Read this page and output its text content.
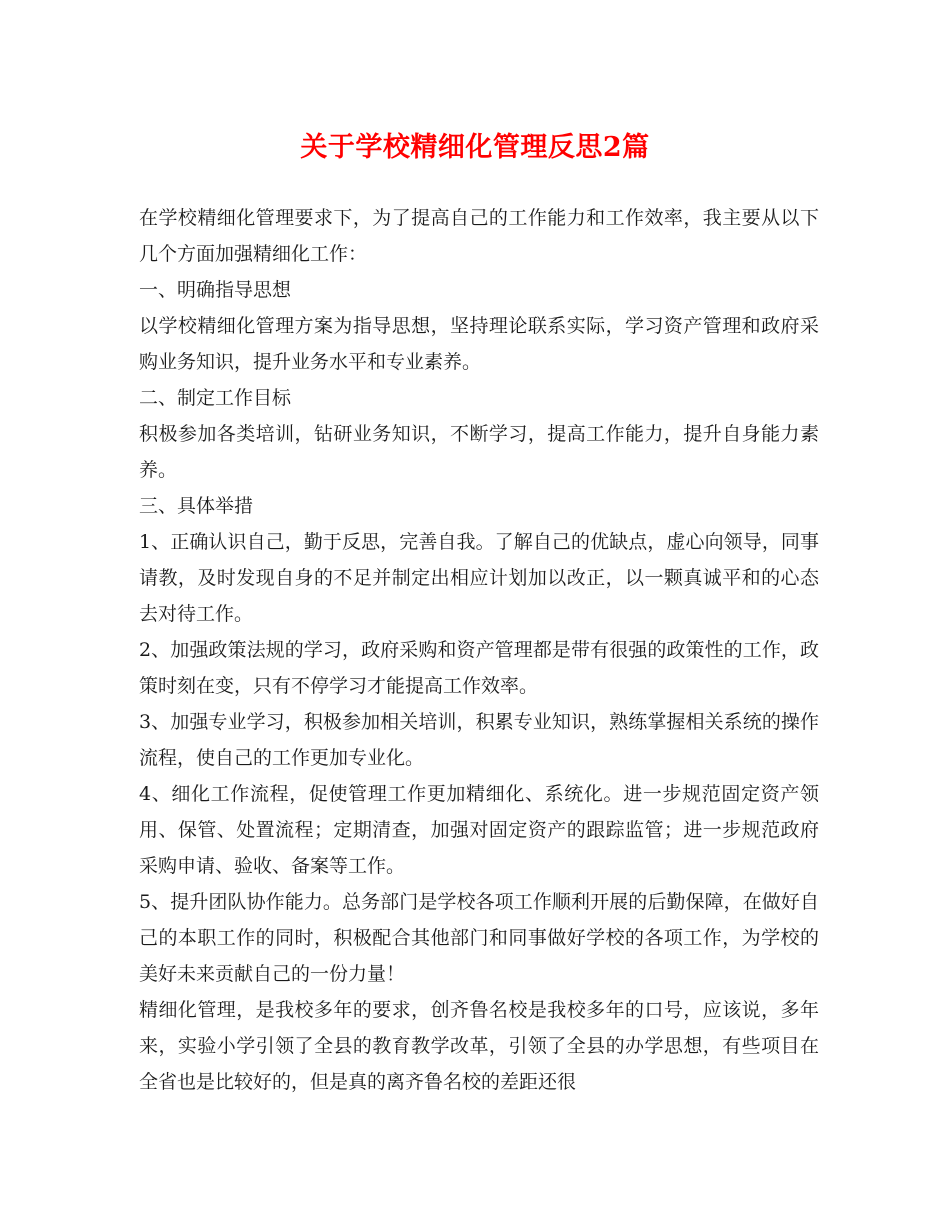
关于学校精细化管理反思2篇

在学校精细化管理要求下，为了提高自己的工作能力和工作效率，我主要从以下几个方面加强精细化工作：

一、明确指导思想

以学校精细化管理方案为指导思想，坚持理论联系实际，学习资产管理和政府采购业务知识，提升业务水平和专业素养。

二、制定工作目标

积极参加各类培训，钻研业务知识，不断学习，提高工作能力，提升自身能力素养。

三、具体举措

1、正确认识自己，勤于反思，完善自我。了解自己的优缺点，虚心向领导，同事请教，及时发现自身的不足并制定出相应计划加以改正，以一颗真诚平和的心态去对待工作。

2、加强政策法规的学习，政府采购和资产管理都是带有很强的政策性的工作，政策时刻在变，只有不停学习才能提高工作效率。

3、加强专业学习，积极参加相关培训，积累专业知识，熟练掌握相关系统的操作流程，使自己的工作更加专业化。

4、细化工作流程，促使管理工作更加精细化、系统化。进一步规范固定资产领用、保管、处置流程；定期清查，加强对固定资产的跟踪监管；进一步规范政府采购申请、验收、备案等工作。

5、提升团队协作能力。总务部门是学校各项工作顺利开展的后勤保障，在做好自己的本职工作的同时，积极配合其他部门和同事做好学校的各项工作，为学校的美好未来贡献自己的一份力量！

精细化管理，是我校多年的要求，创齐鲁名校是我校多年的口号，应该说，多年来，实验小学引领了全县的教育教学改革，引领了全县的办学思想，有些项目在全省也是比较好的，但是真的离齐鲁名校的差距还很
